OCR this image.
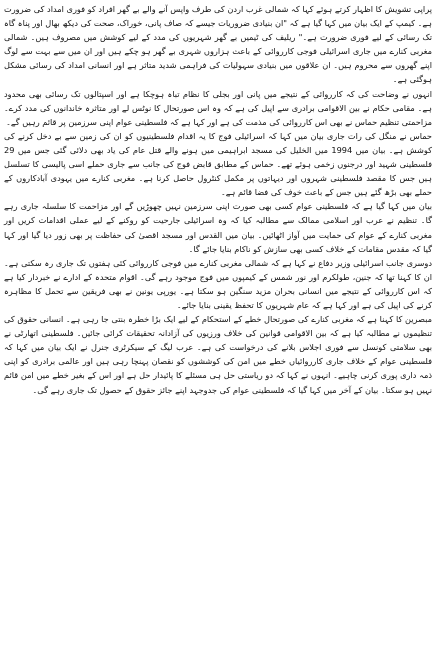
پراپی تشویش کا اظہار کرتے ہوئے کہا کہ شمالی غرب اردن کی طرف واپس آنے والے بے گھر افراد کو فوری امداد کی ضرورت ہے۔ کیمپ کے ایک بیان میں کہا گیا ہے کہ "ان بنیادی ضروریات جیسے کہ صاف پانی، خوراک، صحت کی دیکھ بھال اور پناہ گاہ تک رسائی کے لیے فوری ضرورت ہے۔" ریلیف کی ٹیمیں بے گھر شہریوں کی مدد کے لیے کوشش میں مصروف ہیں۔ شمالی مغربی کنارے میں جاری اسرائیلی فوجی کارروائی کے باعث ہزاروں شہری بے گھر ہو چکے ہیں اور ان میں سے بہت سے لوگ اپنے گھروں سے محروم ہیں۔ ان علاقوں میں بنیادی سہولیات کی فراہمی شدید متاثر ہے اور انسانی امداد کی رسائی مشکل ہوگئی ہے۔

انہوں نے وضاحت کی کہ کارروائی کے نتیجے میں پانی اور بجلی کا نظام تباہ ہوچکا ہے اور اسپتالوں تک رسائی بھی محدود ہے۔ مقامی حکام نے بین الاقوامی برادری سے اپیل کی ہے کہ وہ اس صورتحال کا نوٹس لے اور متاثرہ خاندانوں کی مدد کرے۔ مزاحمتی تنظیم حماس نے بھی اس کارروائی کی مذمت کی ہے اور کہا ہے کہ فلسطینی عوام اپنی سرزمین پر قائم رہیں گے۔

حماس نے منگل کی رات جاری بیان میں کہا کہ اسرائیلی فوج کا یہ اقدام فلسطینیوں کو ان کی زمین سے بے دخل کرنے کی کوشش ہے۔ بیان میں 1994 میں الخلیل کی مسجد ابراہیمی میں ہونے والے قتل عام کی یاد بھی دلائی گئی جس میں 29 فلسطینی شہید اور درجنوں زخمی ہوئے تھے۔ حماس کے مطابق قابض فوج کی جانب سے جاری حملے اسی پالیسی کا تسلسل ہیں جس کا مقصد فلسطینی شہروں اور دیہاتوں پر مکمل کنٹرول حاصل کرنا ہے۔ مغربی کنارے میں یہودی آبادکاروں کے حملے بھی بڑھ گئے ہیں جس کے باعث خوف کی فضا قائم ہے۔

بیان میں کہا گیا ہے کہ فلسطینی عوام کسی بھی صورت اپنی سرزمین نہیں چھوڑیں گے اور مزاحمت کا سلسلہ جاری رہے گا۔ تنظیم نے عرب اور اسلامی ممالک سے مطالبہ کیا کہ وہ اسرائیلی جارحیت کو روکنے کے لیے عملی اقدامات کریں اور مغربی کنارے کے عوام کی حمایت میں آواز اٹھائیں۔ بیان میں القدس اور مسجد اقصیٰ کی حفاظت پر بھی زور دیا گیا اور کہا گیا کہ مقدس مقامات کے خلاف کسی بھی سازش کو ناکام بنایا جائے گا۔

دوسری جانب اسرائیلی وزیر دفاع نے کہا ہے کہ شمالی مغربی کنارے میں فوجی کارروائی کئی ہفتوں تک جاری رہ سکتی ہے۔ ان کا کہنا تھا کہ جنین، طولکرم اور نور شمس کے کیمپوں میں فوج موجود رہے گی۔ اقوام متحدہ کے ادارے نے خبردار کیا ہے کہ اس کارروائی کے نتیجے میں انسانی بحران مزید سنگین ہو سکتا ہے۔ یورپی یونین نے بھی فریقین سے تحمل کا مظاہرہ کرنے کی اپیل کی ہے اور کہا ہے کہ عام شہریوں کا تحفظ یقینی بنایا جائے۔

مبصرین کا کہنا ہے کہ مغربی کنارے کی صورتحال خطے کے استحکام کے لیے ایک بڑا خطرہ بنتی جا رہی ہے۔ انسانی حقوق کی تنظیموں نے مطالبہ کیا ہے کہ بین الاقوامی قوانین کی خلاف ورزیوں کی آزادانہ تحقیقات کرائی جائیں۔ فلسطینی اتھارٹی نے بھی سلامتی کونسل سے فوری اجلاس بلانے کی درخواست کی ہے۔ عرب لیگ کے سیکرٹری جنرل نے ایک بیان میں کہا کہ فلسطینی عوام کے خلاف جاری کارروائیاں خطے میں امن کی کوششوں کو نقصان پہنچا رہی ہیں اور عالمی برادری کو اپنی ذمہ داری پوری کرنی چاہیے۔ انہوں نے کہا کہ دو ریاستی حل ہی مسئلے کا پائیدار حل ہے اور اس کے بغیر خطے میں امن قائم نہیں ہو سکتا۔ بیان کے آخر میں کہا گیا کہ فلسطینی عوام کی جدوجہد اپنے جائز حقوق کے حصول تک جاری رہے گی۔
